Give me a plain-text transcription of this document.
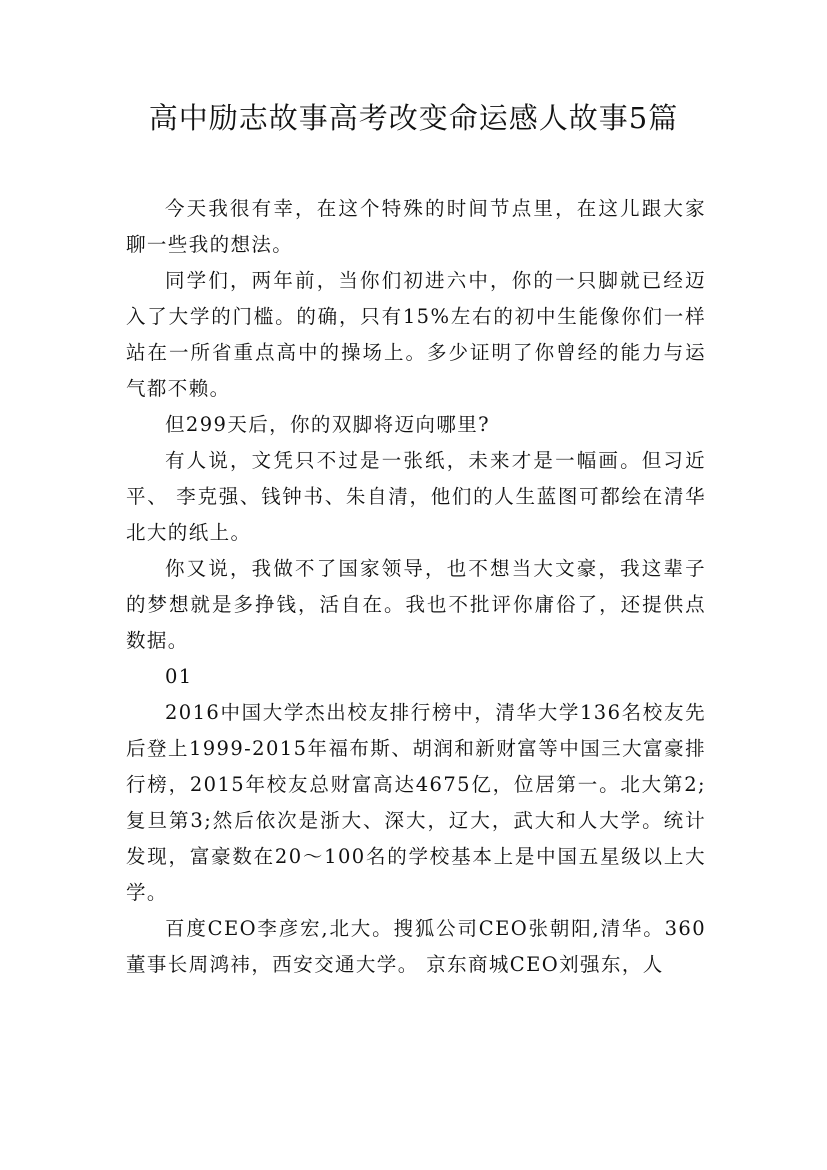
高中励志故事高考改变命运感人故事5篇

今天我很有幸，在这个特殊的时间节点里，在这儿跟大家聊一些我的想法。

同学们，两年前，当你们初进六中，你的一只脚就已经迈入了大学的门槛。的确，只有15%左右的初中生能像你们一样站在一所省重点高中的操场上。多少证明了你曾经的能力与运气都不赖。

但299天后，你的双脚将迈向哪里?

有人说，文凭只不过是一张纸，未来才是一幅画。但习近平、 李克强、钱钟书、朱自清，他们的人生蓝图可都绘在清华北大的纸上。

你又说，我做不了国家领导，也不想当大文豪，我这辈子的梦想就是多挣钱，活自在。我也不批评你庸俗了，还提供点数据。

01

2016中国大学杰出校友排行榜中，清华大学136名校友先后登上1999-2015年福布斯、胡润和新财富等中国三大富豪排行榜，2015年校友总财富高达4675亿，位居第一。北大第2;复旦第3;然后依次是浙大、深大，辽大，武大和人大学。统计发现，富豪数在20～100名的学校基本上是中国五星级以上大学。

百度CEO李彦宏,北大。搜狐公司CEO张朝阳,清华。360董事长周鸿祎，西安交通大学。 京东商城CEO刘强东，人
